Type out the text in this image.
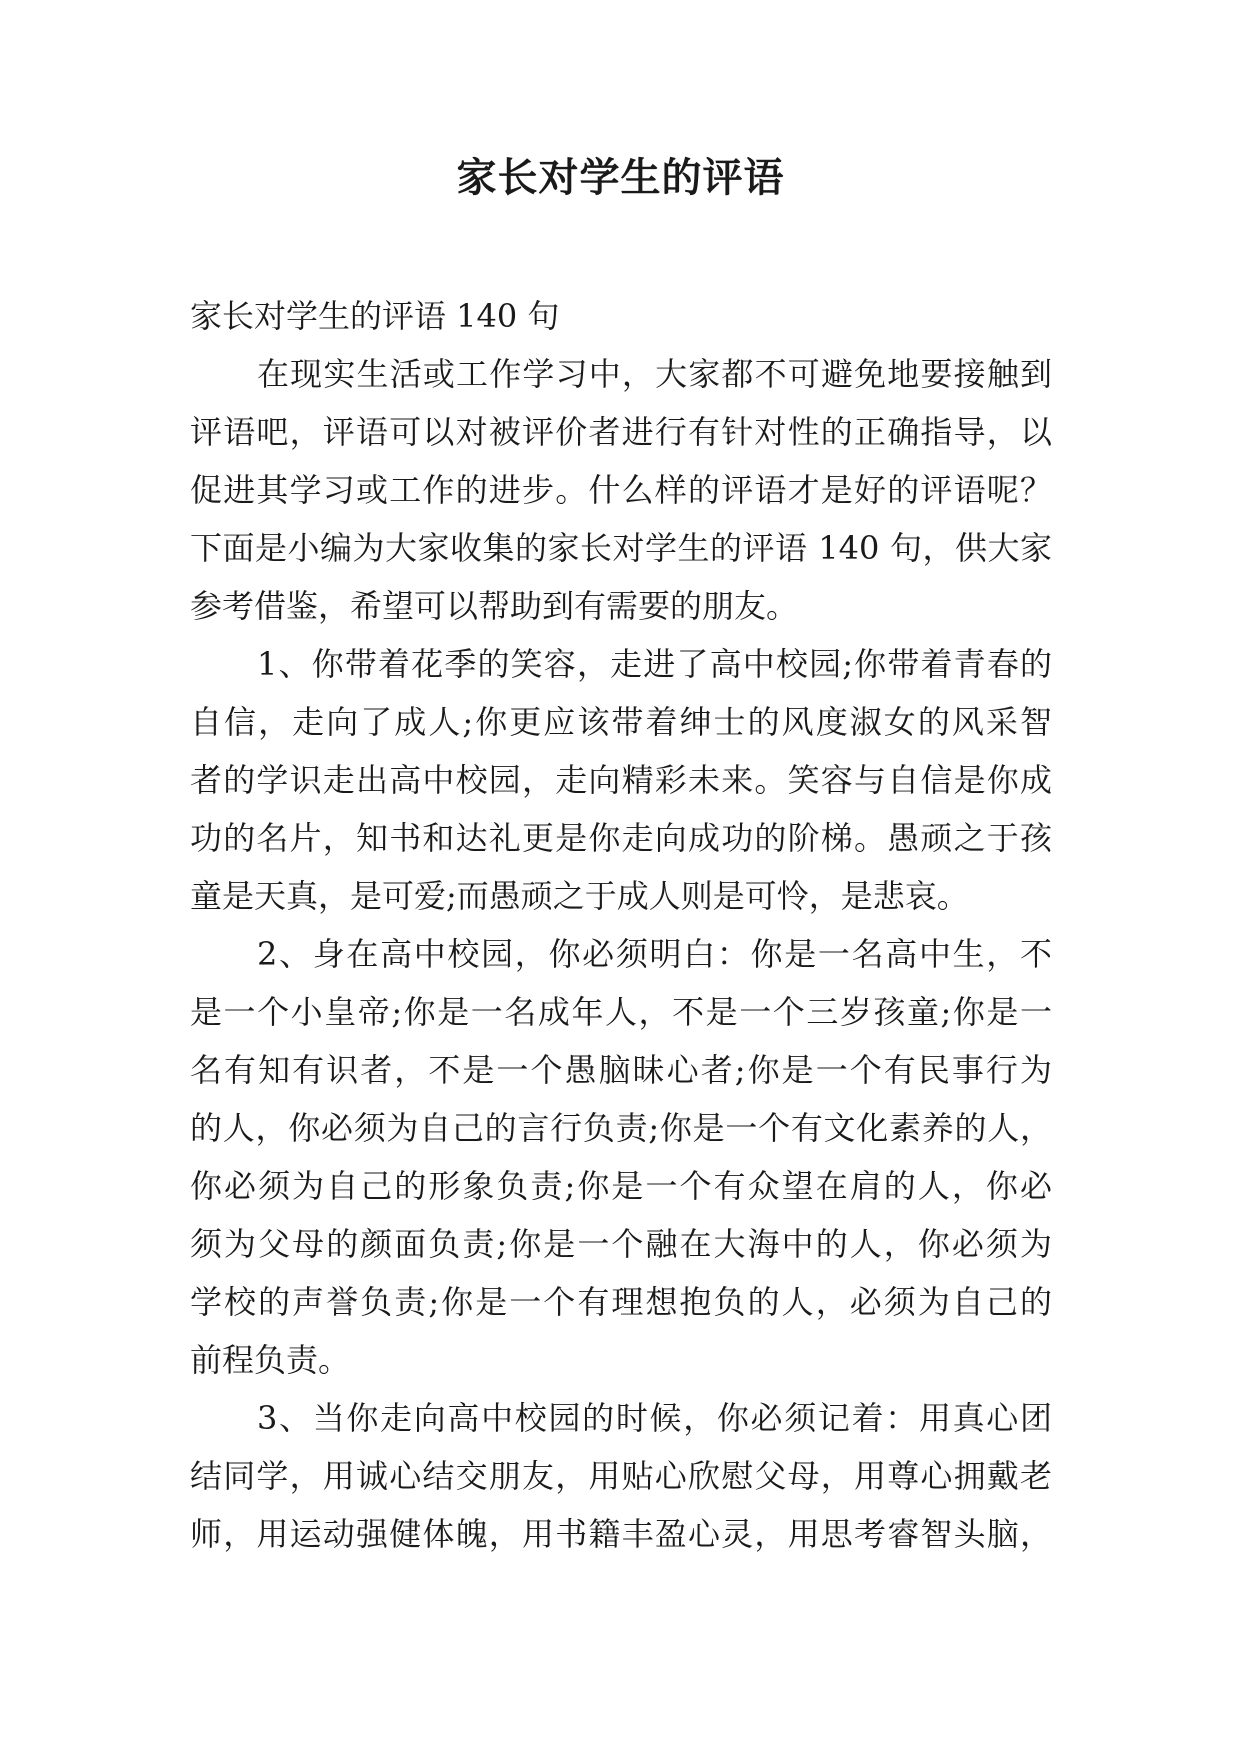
家长对学生的评语
家长对学生的评语 140 句
在现实生活或工作学习中，大家都不可避免地要接触到
评语吧，评语可以对被评价者进行有针对性的正确指导，以
促进其学习或工作的进步。什么样的评语才是好的评语呢？
下面是小编为大家收集的家长对学生的评语 140 句，供大家
参考借鉴，希望可以帮助到有需要的朋友。
1、你带着花季的笑容，走进了高中校园;你带着青春的
自信，走向了成人;你更应该带着绅士的风度淑女的风采智
者的学识走出高中校园，走向精彩未来。笑容与自信是你成
功的名片，知书和达礼更是你走向成功的阶梯。愚顽之于孩
童是天真，是可爱;而愚顽之于成人则是可怜，是悲哀。
2、身在高中校园，你必须明白：你是一名高中生，不
是一个小皇帝;你是一名成年人，不是一个三岁孩童;你是一
名有知有识者，不是一个愚脑昧心者;你是一个有民事行为
的人，你必须为自己的言行负责;你是一个有文化素养的人，
你必须为自己的形象负责;你是一个有众望在肩的人，你必
须为父母的颜面负责;你是一个融在大海中的人，你必须为
学校的声誉负责;你是一个有理想抱负的人，必须为自己的
前程负责。
3、当你走向高中校园的时候，你必须记着：用真心团
结同学，用诚心结交朋友，用贴心欣慰父母，用尊心拥戴老
师，用运动强健体魄，用书籍丰盈心灵，用思考睿智头脑，
